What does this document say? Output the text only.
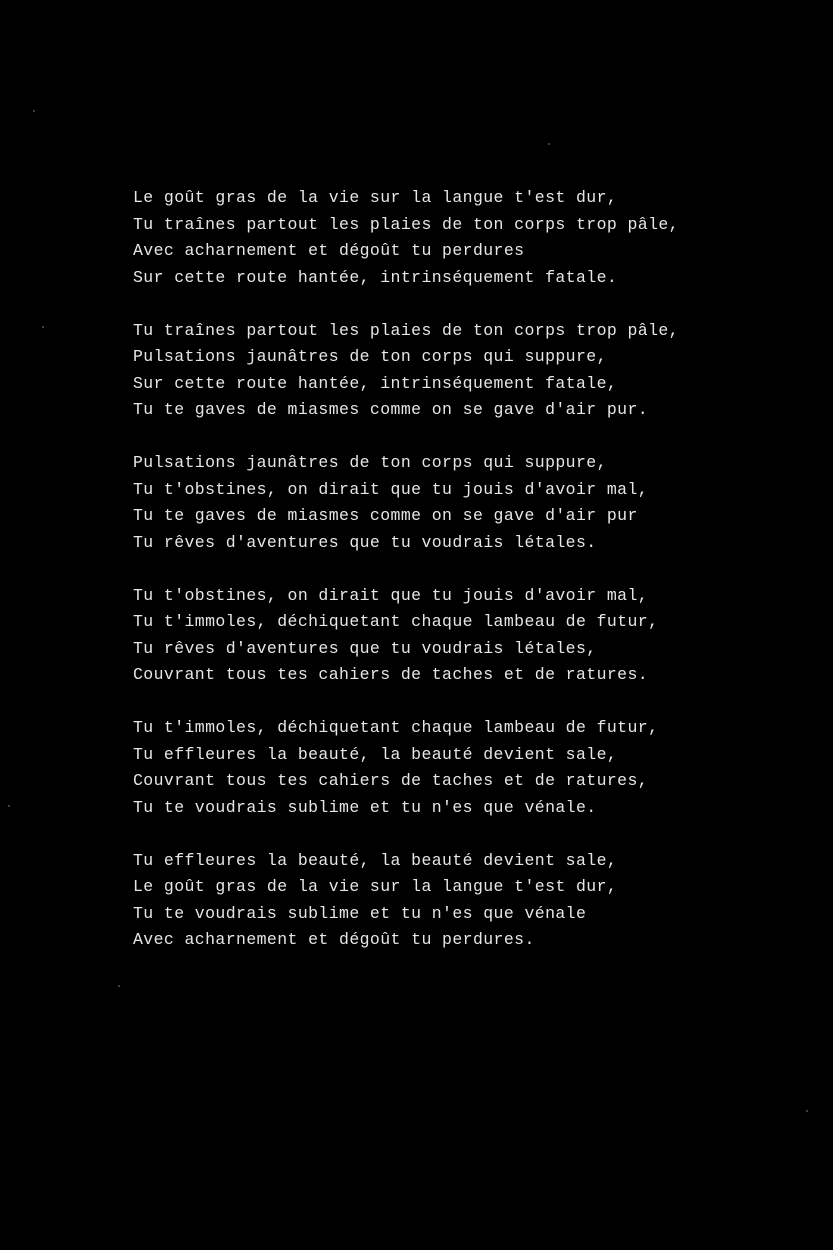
Le goût gras de la vie sur la langue t'est dur,
Tu traînes partout les plaies de ton corps trop pâle,
Avec acharnement et dégoût tu perdures
Sur cette route hantée, intrinséquement fatale.
Tu traînes partout les plaies de ton corps trop pâle,
Pulsations jaunâtres de ton corps qui suppure,
Sur cette route hantée, intrinséquement fatale,
Tu te gaves de miasmes comme on se gave d'air pur.
Pulsations jaunâtres de ton corps qui suppure,
Tu t'obstines, on dirait que tu jouis d'avoir mal,
Tu te gaves de miasmes comme on se gave d'air pur
Tu rêves d'aventures que tu voudrais létales.
Tu t'obstines, on dirait que tu jouis d'avoir mal,
Tu t'immoles, déchiquetant chaque lambeau de futur,
Tu rêves d'aventures que tu voudrais létales,
Couvrant tous tes cahiers de taches et de ratures.
Tu t'immoles, déchiquetant chaque lambeau de futur,
Tu effleures la beauté, la beauté devient sale,
Couvrant tous tes cahiers de taches et de ratures,
Tu te voudrais sublime et tu n'es que vénale.
Tu effleures la beauté, la beauté devient sale,
Le goût gras de la vie sur la langue t'est dur,
Tu te voudrais sublime et tu n'es que vénale
Avec acharnement et dégoût tu perdures.
